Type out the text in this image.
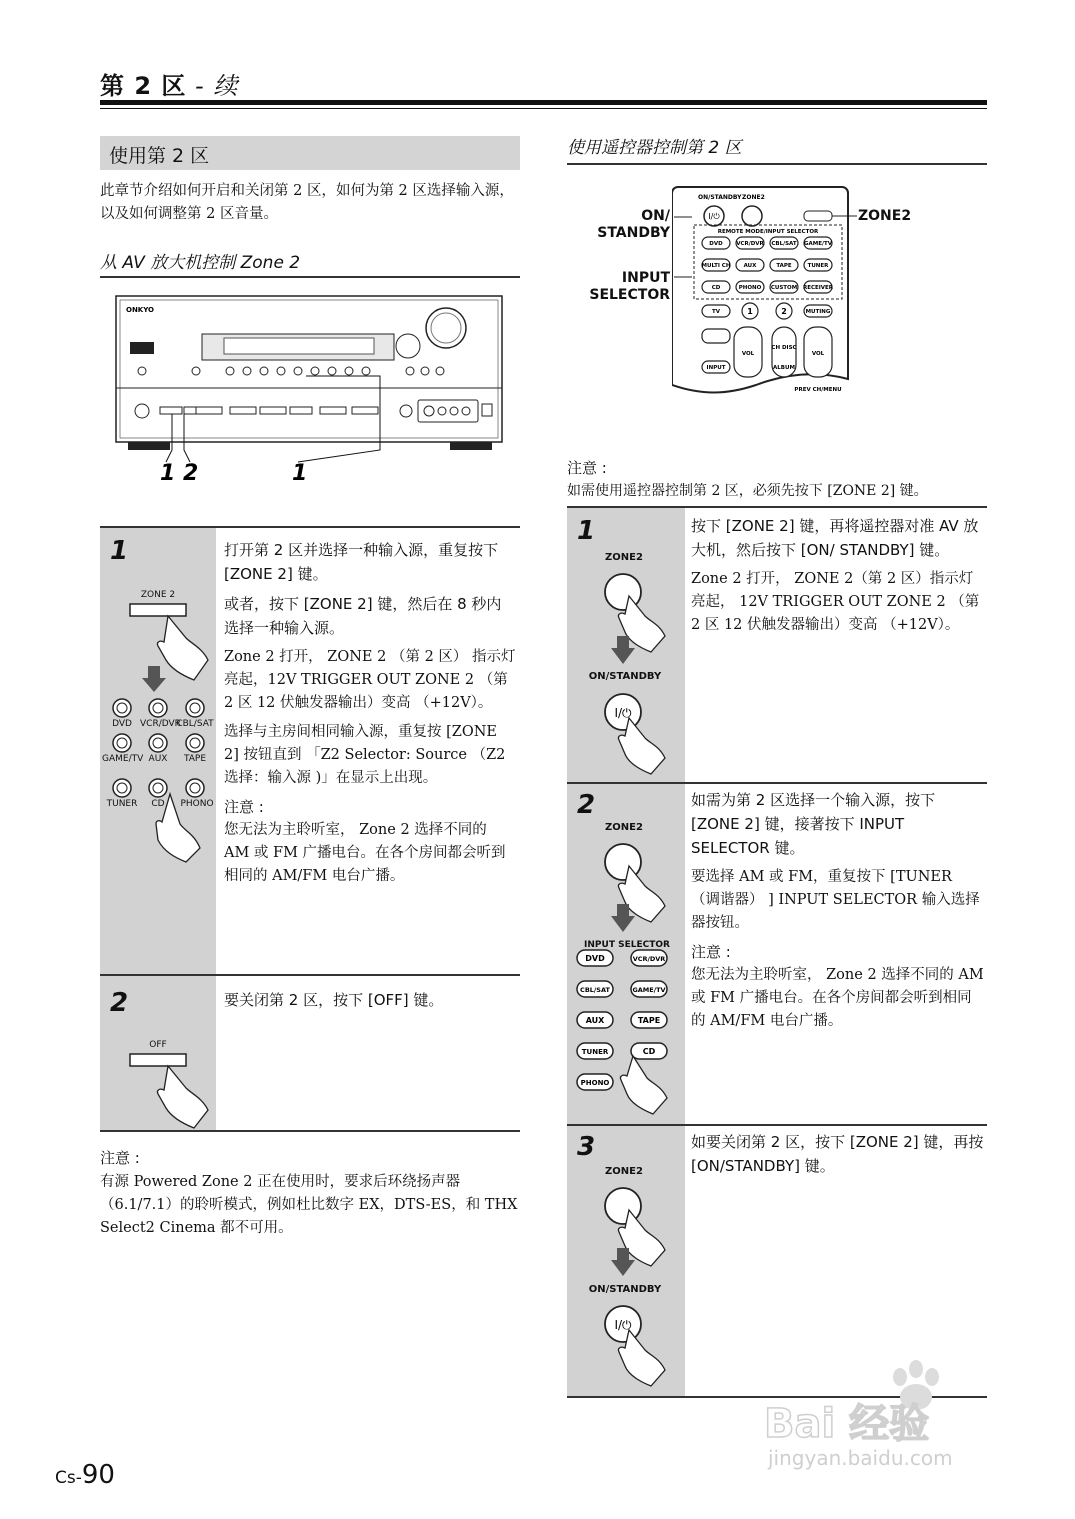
第 2 区 - 续
使用第 2 区
此章节介绍如何开启和关闭第 2 区，如何为第 2 区选择输入源，以及如何调整第 2 区音量。
从 AV 放大机控制 Zone 2
ONKYO
1 2	1
1
ZONE 2
DVD VCR/DVR
CBL/SAT
GAME/TV AUX	TAPE
TUNER	CD	PHONO
打开第 2 区并选择一种输入源，重复按下 [ZONE 2] 键。
或者，按下 [ZONE 2] 键，然后在 8 秒内选择一种输入源。
Zone 2 打开， ZONE 2 （第 2 区） 指示灯亮起，12V TRIGGER OUT ZONE 2 （第 2 区 12 伏触发器输出）变高 （+12V）。
选择与主房间相同输入源，重复按 [ZONE 2] 按钮直到 「Z2 Selector: Source （Z2 选择：输入源 )」在显示上出现。
注意 :
您无法为主聆听室， Zone 2 选择不同的 AM 或 FM 广播电台。在各个房间都会听到相同的 AM/FM 电台广播。
2
OFF
要关闭第 2 区，按下 [OFF] 键。
注意 :
有源 Powered Zone 2 正在使用时，要求后环绕扬声器 （6.1/7.1）的聆听模式，例如杜比数字 EX，DTS-ES，和 THX Select2 Cinema 都不可用。
使用遥控器控制第 2 区
ON/
STANDBY
INPUT
SELECTOR
ZONE2
ON/STANDBY ZONE2
I/⏻
REMOTE MODE/INPUT SELECTOR
DVD VCR/DVR CBL/SAT GAME/TV
MULTI CH AUX	TAPE	TUNER
CD	PHONO CUSTOM RECEIVER
TV	1	2	MUTING
VOL
CH DISC
VOL
INPUT	ALBUM
PREV CH/MENU
注意 :
如需使用遥控器控制第 2 区，必须先按下 [ZONE 2] 键。
1
ZONE2
ON/STANDBY
I/⏻
按下 [ZONE 2] 键，再将遥控器对准 AV 放大机，然后按下 [ON/ STANDBY] 键。
Zone 2 打开， ZONE 2（第 2 区）指示灯亮起， 12V TRIGGER OUT ZONE 2 （第 2 区 12 伏触发器输出）变高 （+12V）。
2
ZONE2
INPUT SELECTOR
DVD	VCR/DVR
CBL/SAT	GAME/TV
AUX	TAPE
TUNER	CD
PHONO
如需为第 2 区选择一个输入源，按下 [ZONE 2] 键，接著按下 INPUT SELECTOR 键。
要选择 AM 或 FM，重复按下 [TUNER （调谐器） ] INPUT SELECTOR 输入选择器按钮。
注意 :
您无法为主聆听室， Zone 2 选择不同的 AM 或 FM 广播电台。在各个房间都会听到相同的 AM/FM 电台广播。
3
ZONE2
ON/STANDBY
I/⏻
如要关闭第 2 区，按下 [ZONE 2] 键，再按 [ON/STANDBY] 键。
Cs-90
Bai 经验
jingyan.baidu.com
